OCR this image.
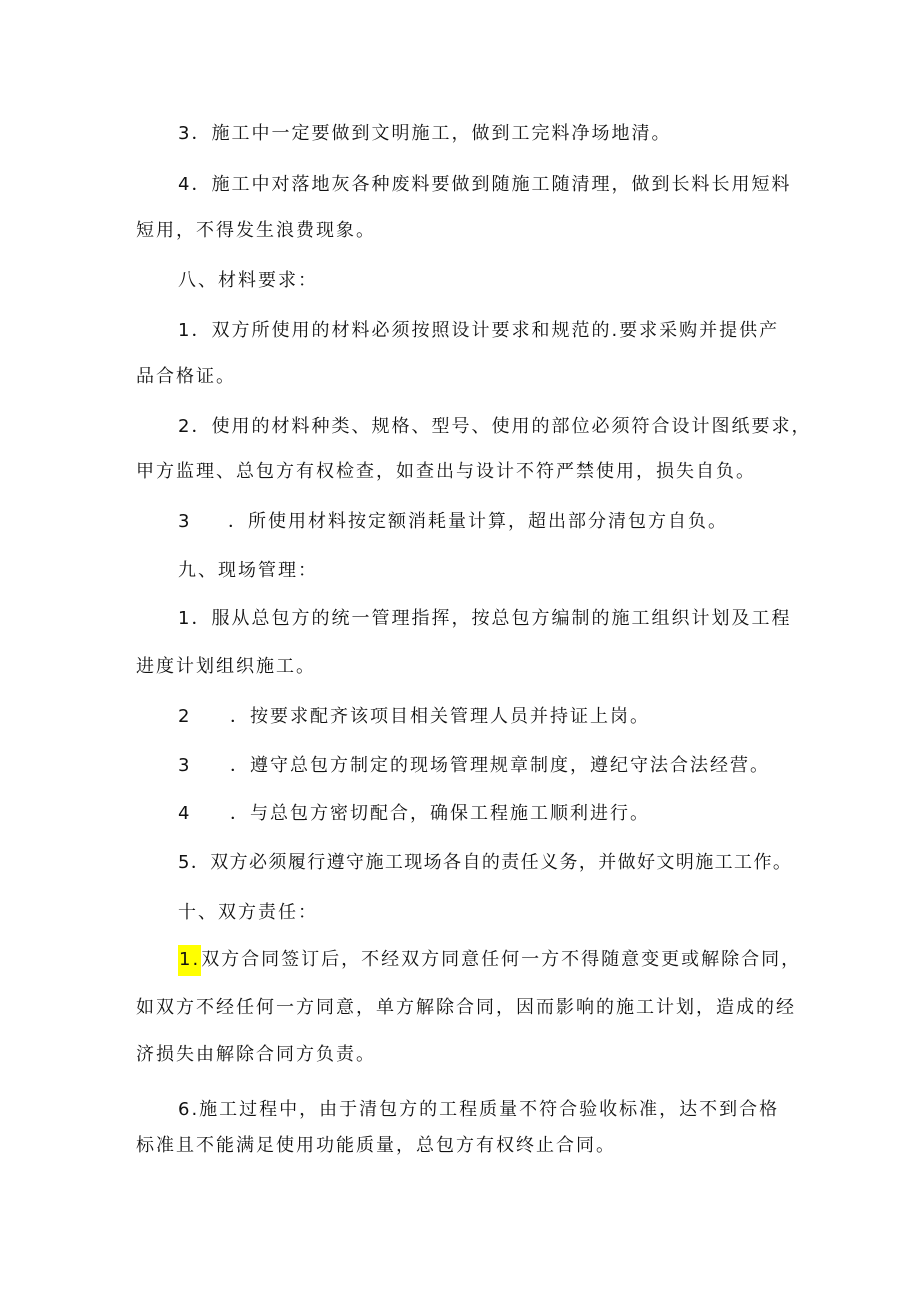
3．施工中一定要做到文明施工，做到工完料净场地清。
4．施工中对落地灰各种废料要做到随施工随清理，做到长料长用短料
短用，不得发生浪费现象。
八、材料要求：
1．双方所使用的材料必须按照设计要求和规范的.要求采购并提供产
品合格证。
2．使用的材料种类、规格、型号、使用的部位必须符合设计图纸要求，
甲方监理、总包方有权检查，如查出与设计不符严禁使用，损失自负。
3 ．所使用材料按定额消耗量计算，超出部分清包方自负。
九、现场管理：
1．服从总包方的统一管理指挥，按总包方编制的施工组织计划及工程
进度计划组织施工。
2 ．按要求配齐该项目相关管理人员并持证上岗。
3 ．遵守总包方制定的现场管理规章制度，遵纪守法合法经营。
4 ．与总包方密切配合，确保工程施工顺利进行。
5．双方必须履行遵守施工现场各自的责任义务，并做好文明施工工作。
十、双方责任：
1.双方合同签订后，不经双方同意任何一方不得随意变更或解除合同，
如双方不经任何一方同意，单方解除合同，因而影响的施工计划，造成的经
济损失由解除合同方负责。
6.施工过程中，由于清包方的工程质量不符合验收标准，达不到合格
标准且不能满足使用功能质量，总包方有权终止合同。
